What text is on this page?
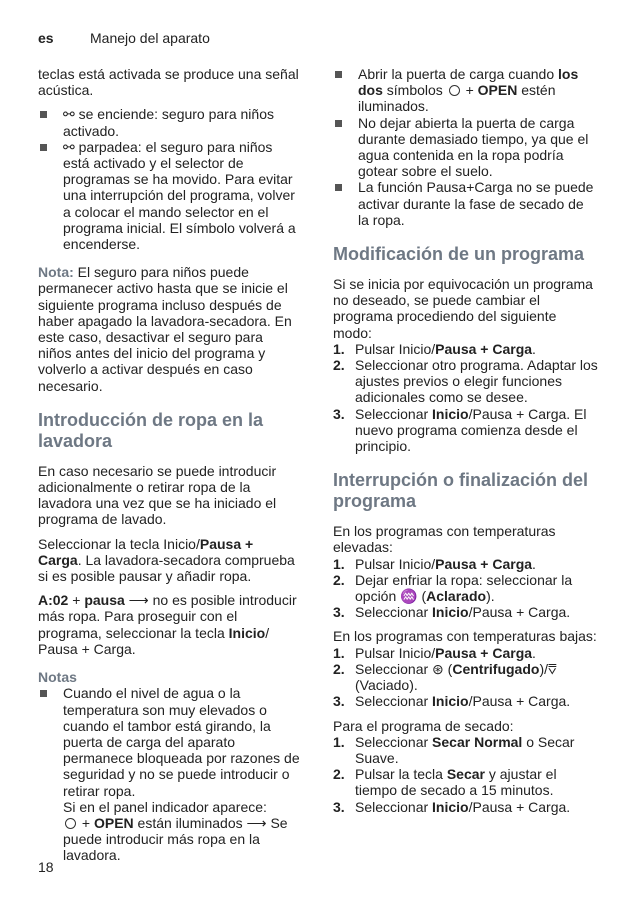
es	Manejo del aparato

teclas está activada se produce una señal acústica.

⚯ se enciende: seguro para niños activado.
⚯ parpadea: el seguro para niños está activado y el selector de programas se ha movido. Para evitar una interrupción del programa, volver a colocar el mando selector en el programa inicial. El símbolo volverá a encenderse.

Nota: El seguro para niños puede permanecer activo hasta que se inicie el siguiente programa incluso después de haber apagado la lavadora-secadora. En este caso, desactivar el seguro para niños antes del inicio del programa y volverlo a activar después en caso necesario.

Introducción de ropa en la lavadora

En caso necesario se puede introducir adicionalmente o retirar ropa de la lavadora una vez que se ha iniciado el programa de lavado.

Seleccionar la tecla Inicio/Pausa + Carga. La lavadora-secadora comprueba si es posible pausar y añadir ropa.

A:02 + pausa ⟶ no es posible introducir más ropa. Para proseguir con el programa, seleccionar la tecla Inicio/ Pausa + Carga.

Notas
Cuando el nivel de agua o la temperatura son muy elevados o cuando el tambor está girando, la puerta de carga del aparato permanece bloqueada por razones de seguridad y no se puede introducir o retirar ropa.
Si en el panel indicador aparece:
+ OPEN están iluminados ⟶ Se puede introducir más ropa en la lavadora.
Abrir la puerta de carga cuando los dos símbolos  + OPEN estén iluminados.
No dejar abierta la puerta de carga durante demasiado tiempo, ya que el agua contenida en la ropa podría gotear sobre el suelo.
La función Pausa+Carga no se puede activar durante la fase de secado de la ropa.
Modificación de un programa

Si se inicia por equivocación un programa no deseado, se puede cambiar el programa procediendo del siguiente modo:

1. Pulsar Inicio/Pausa + Carga.
2. Seleccionar otro programa. Adaptar los ajustes previos o elegir funciones adicionales como se desee.
3. Seleccionar Inicio/Pausa + Carga. El nuevo programa comienza desde el principio.
Interrupción o finalización del programa

En los programas con temperaturas elevadas:

1. Pulsar Inicio/Pausa + Carga.
2. Dejar enfriar la ropa: seleccionar la opción ♒ (Aclarado).
3. Seleccionar Inicio/Pausa + Carga.

En los programas con temperaturas bajas:

1. Pulsar Inicio/Pausa + Carga.
2. Seleccionar ⊛ (Centrifugado)/⩢ (Vaciado).
3. Seleccionar Inicio/Pausa + Carga.

Para el programa de secado:

1. Seleccionar Secar Normal o Secar Suave.
2. Pulsar la tecla Secar y ajustar el tiempo de secado a 15 minutos.
3. Seleccionar Inicio/Pausa + Carga.
18
